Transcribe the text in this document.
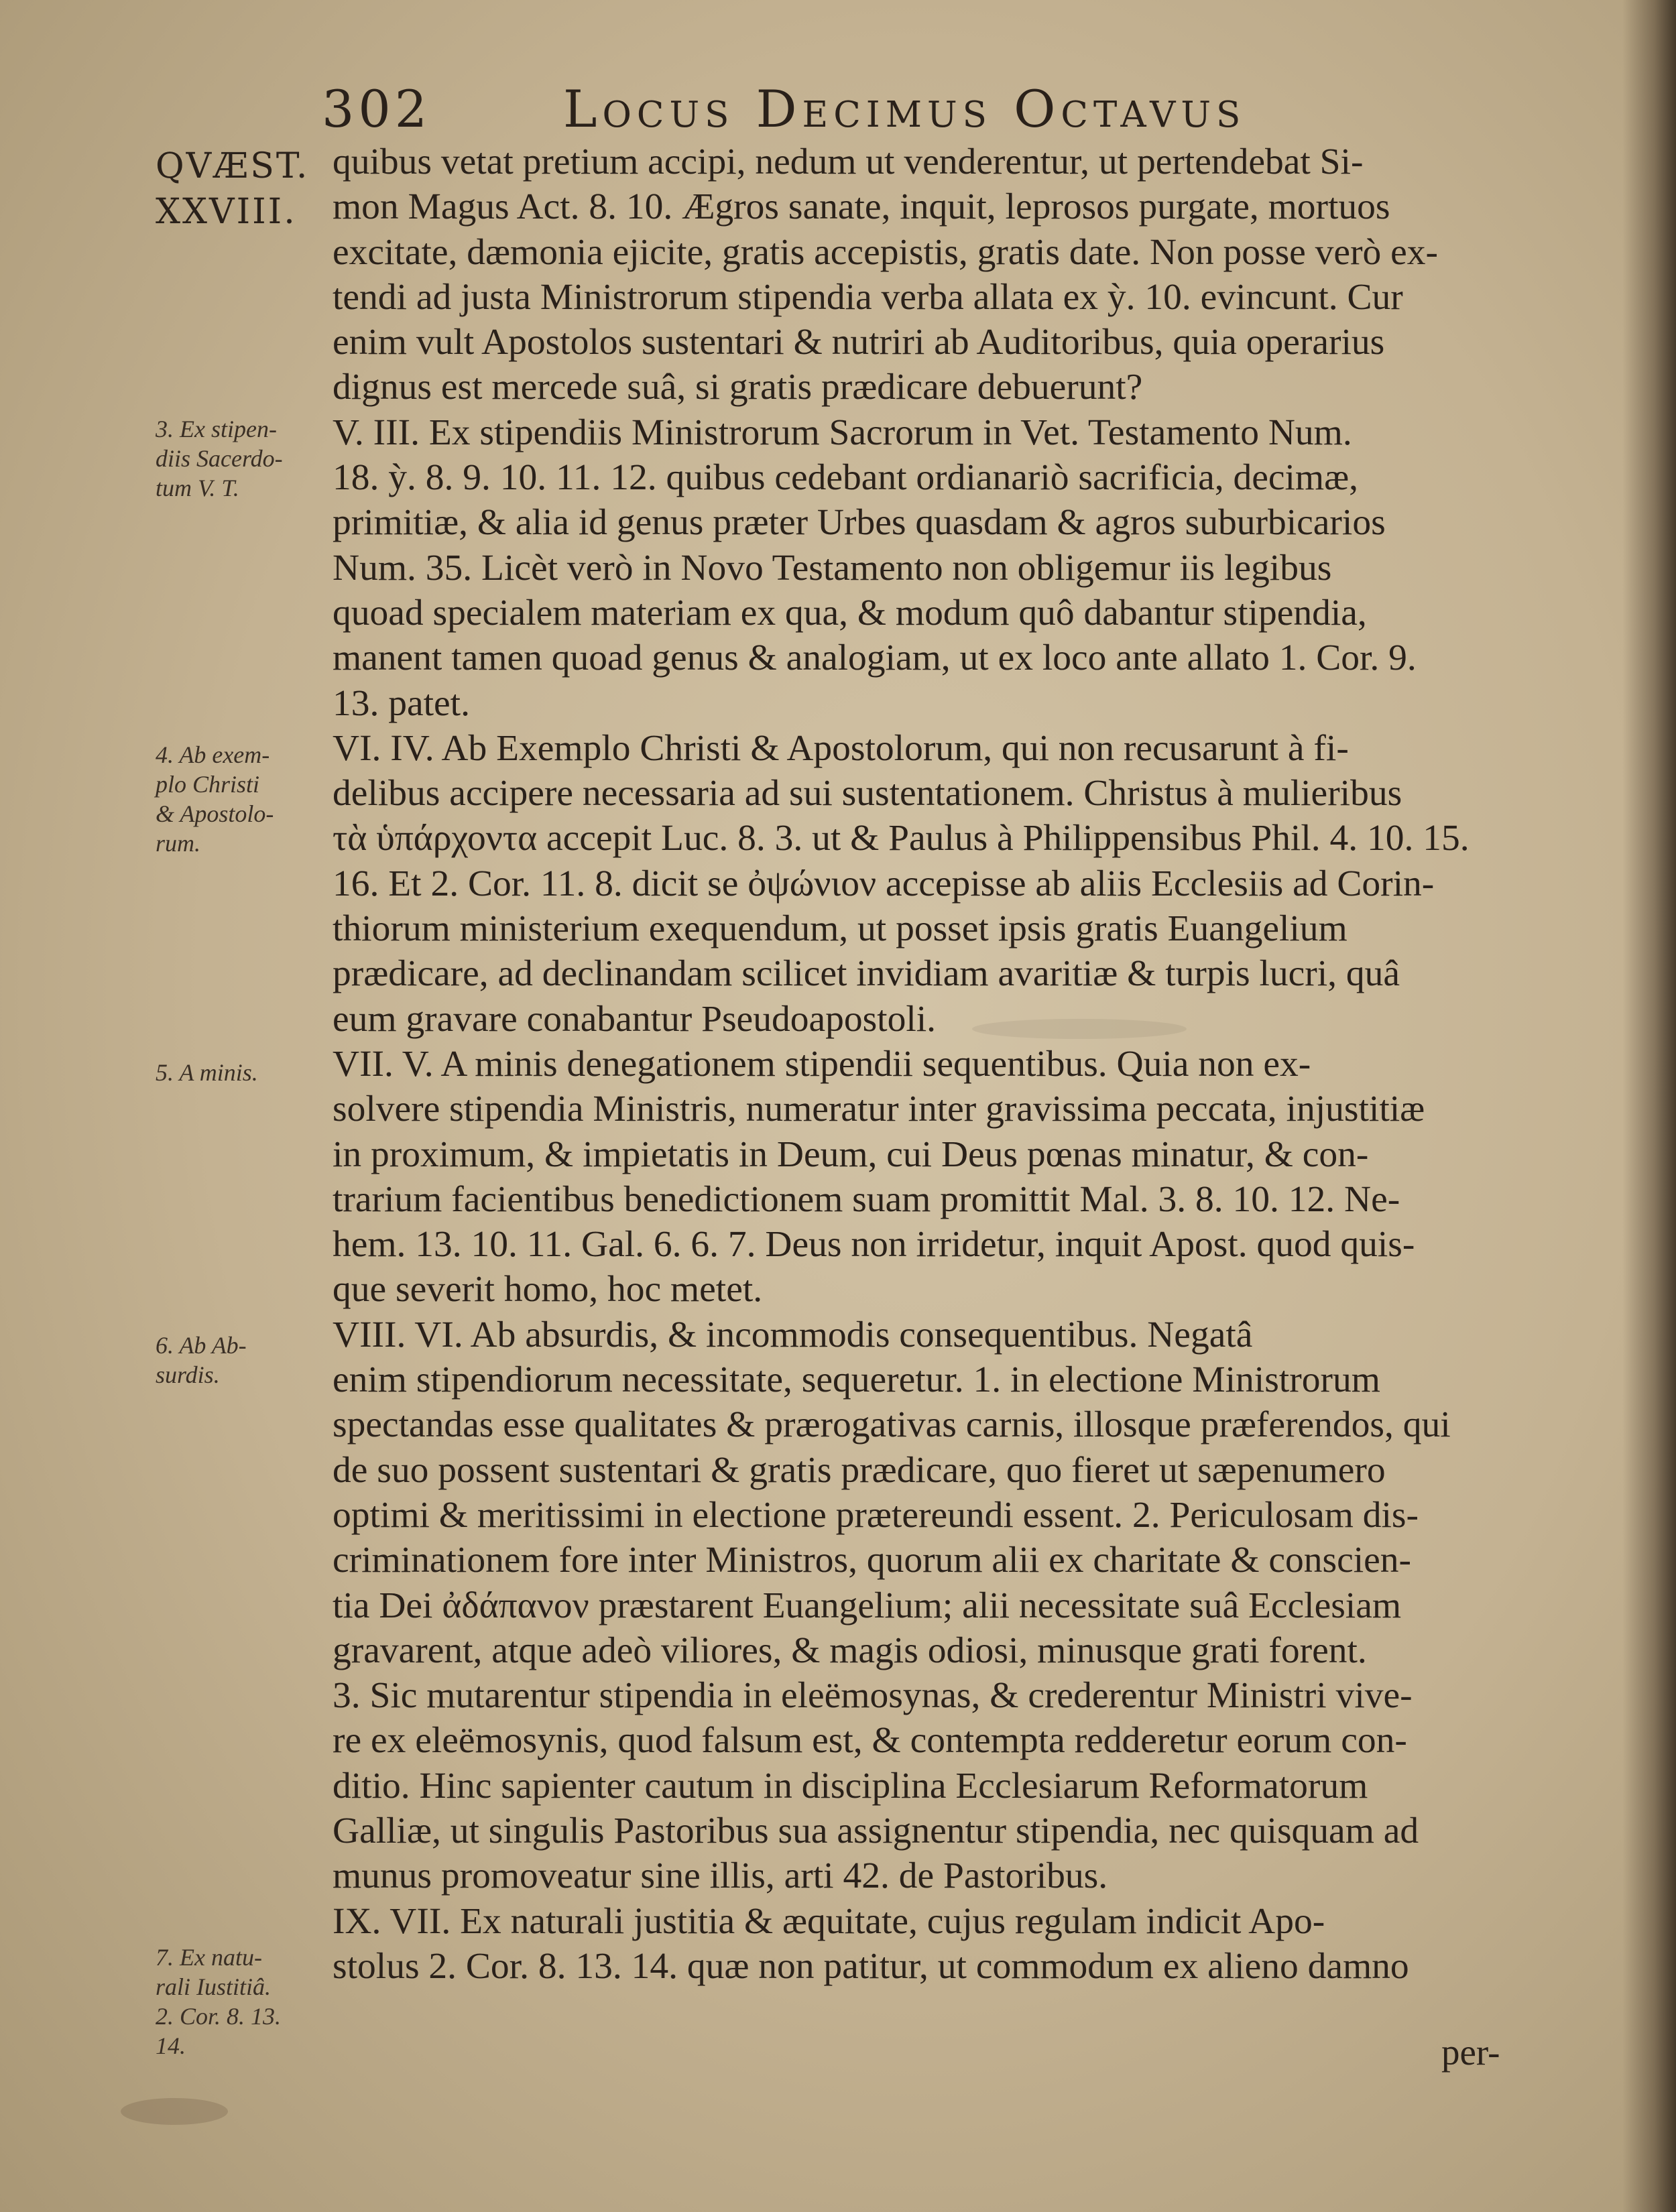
302	Locus Decimus Octavus
QVÆST.
XXVIII.
quibus vetat pretium accipi, nedum ut venderentur, ut pertendebat Si-
mon Magus Act. 8. 10. Ægros sanate, inquit, leprosos purgate, mortuos
excitate, dæmonia ejicite, gratis accepistis, gratis date. Non posse verò ex-
tendi ad justa Ministrorum stipendia verba allata ex ỳ. 10. evincunt. Cur
enim vult Apostolos sustentari & nutriri ab Auditoribus, quia operarius
dignus est mercede suâ, si gratis prædicare debuerunt?
V. III. Ex stipendiis Ministrorum Sacrorum in Vet. Testamento Num.
18. ỳ. 8. 9. 10. 11. 12. quibus cedebant ordianariò sacrificia, decimæ,
primitiæ, & alia id genus præter Urbes quasdam & agros suburbicarios
Num. 35. Licèt verò in Novo Testamento non obligemur iis legibus
quoad specialem materiam ex qua, & modum quô dabantur stipendia,
manent tamen quoad genus & analogiam, ut ex loco ante allato 1. Cor. 9.
13. patet.
VI. IV. Ab Exemplo Christi & Apostolorum, qui non recusarunt à fi-
delibus accipere necessaria ad sui sustentationem. Christus à mulieribus
τὰ ὑπάρχοντα accepit Luc. 8. 3. ut & Paulus à Philippensibus Phil. 4. 10. 15.
16. Et 2. Cor. 11. 8. dicit se ὀψώνιον accepisse ab aliis Ecclesiis ad Corin-
thiorum ministerium exequendum, ut posset ipsis gratis Euangelium
prædicare, ad declinandam scilicet invidiam avaritiæ & turpis lucri, quâ
eum gravare conabantur Pseudoapostoli.
VII. V. A minis denegationem stipendii sequentibus. Quia non ex-
solvere stipendia Ministris, numeratur inter gravissima peccata, injustitiæ
in proximum, & impietatis in Deum, cui Deus pœnas minatur, & con-
trarium facientibus benedictionem suam promittit Mal. 3. 8. 10. 12. Ne-
hem. 13. 10. 11. Gal. 6. 6. 7. Deus non irridetur, inquit Apost. quod quis-
que severit homo, hoc metet.
VIII. VI. Ab absurdis, & incommodis consequentibus. Negatâ
enim stipendiorum necessitate, sequeretur. 1. in electione Ministrorum
spectandas esse qualitates & prærogativas carnis, illosque præferendos, qui
de suo possent sustentari & gratis prædicare, quo fieret ut sæpenumero
optimi & meritissimi in electione prætereundi essent. 2. Periculosam dis-
criminationem fore inter Ministros, quorum alii ex charitate & conscien-
tia Dei ἀδάπανον præstarent Euangelium; alii necessitate suâ Ecclesiam
gravarent, atque adeò viliores, & magis odiosi, minusque grati forent.
3. Sic mutarentur stipendia in eleëmosynas, & crederentur Ministri vive-
re ex eleëmosynis, quod falsum est, & contempta redderetur eorum con-
ditio. Hinc sapienter cautum in disciplina Ecclesiarum Reformatorum
Galliæ, ut singulis Pastoribus sua assignentur stipendia, nec quisquam ad
munus promoveatur sine illis, arti 42. de Pastoribus.
IX. VII. Ex naturali justitia & æquitate, cujus regulam indicit Apo-
stolus 2. Cor. 8. 13. 14. quæ non patitur, ut commodum ex alieno damno
3. Ex stipen-
diis Sacerdo-
tum V. T.
4. Ab exem-
plo Christi
& Apostolo-
rum.
5. A minis.
6. Ab Ab-
surdis.
7. Ex natu-
rali Iustitiâ.
2. Cor. 8. 13.
14.	per-
